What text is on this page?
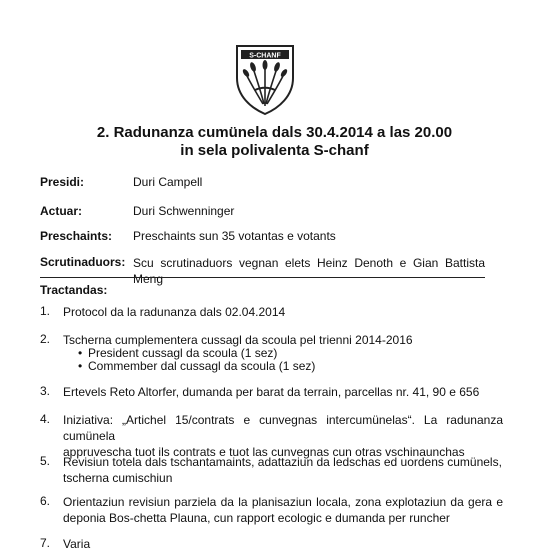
S-CHANF
2. Radunanza cumünela dals 30.4.2014 a las 20.00
in sela polivalenta S-chanf
Presidi:	Duri Campell
Actuar:	Duri Schwenninger
Preschaints: Preschaints sun 35 votantas e votants
Scrutinaduors: Scu scrutinaduors vegnan elets Heinz Denoth e Gian Battista
Meng
Tractandas:
1. Protocol da la radunanza dals 02.04.2014
2. Tscherna cumplementera cussagl da scoula pel trienni 2014-2016
• President cussagl da scoula (1 sez)
• Commember dal cussagl da scoula (1 sez)
3. Ertevels Reto Altorfer, dumanda per barat da terrain, parcellas nr. 41, 90 e 656
4. Iniziativa: „Artichel 15/contrats e cunvegnas intercumünelas“. La radunanza cumünela
appruvescha tuot ils contrats e tuot las cunvegnas cun otras vschinaunchas
5. Revisiun totela dals tschantamaints, adattaziun da ledschas ed uordens cumünels,
tscherna cumischiun
6. Orientaziun revisiun parziela da la planisaziun locala, zona explotaziun da gera e
deponia Bos-chetta Plauna, cun rapport ecologic e dumanda per runcher
7. Varia
